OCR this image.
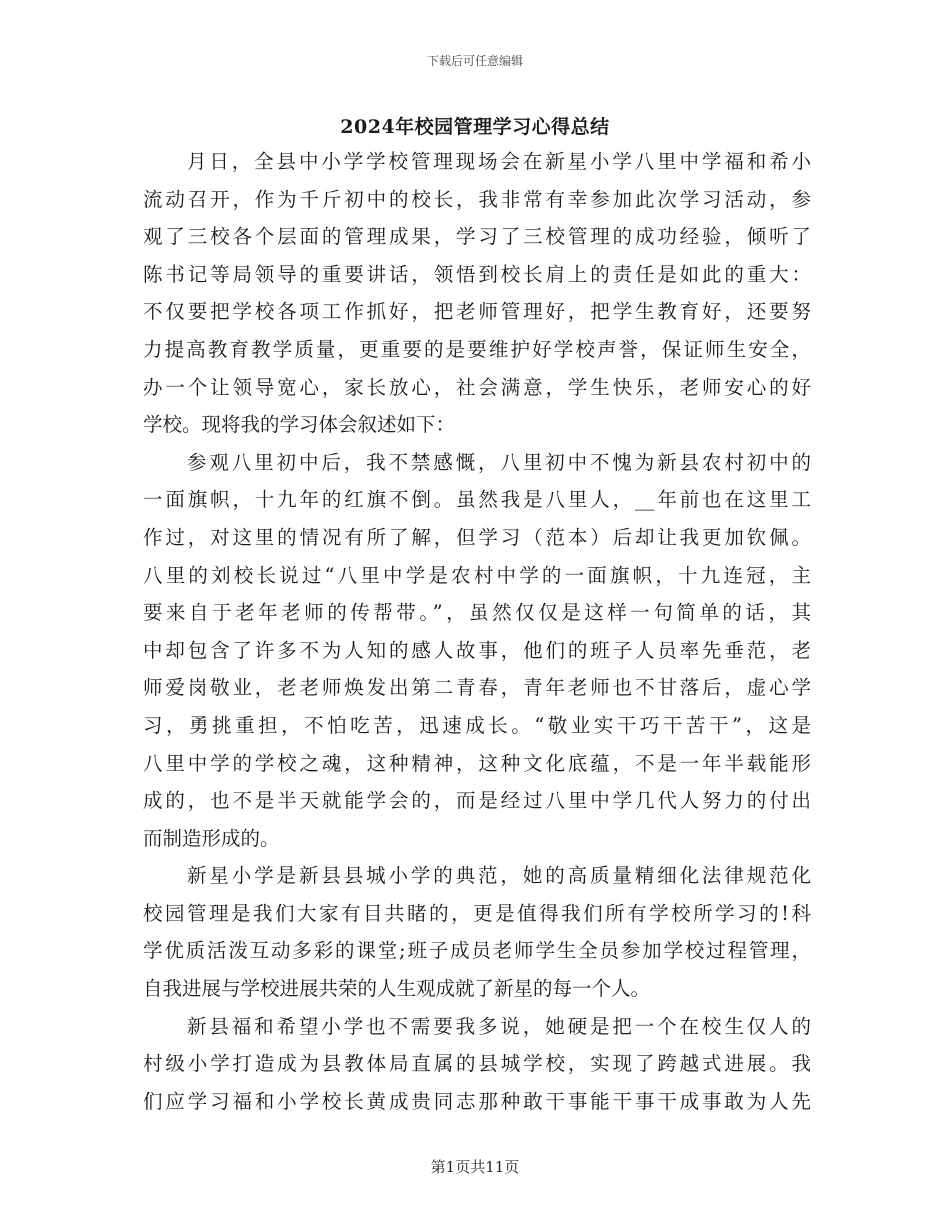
下载后可任意编辑
2024年校园管理学习心得总结
月日，全县中小学学校管理现场会在新星小学八里中学福和希小
流动召开，作为千斤初中的校长，我非常有幸参加此次学习活动，参
观了三校各个层面的管理成果，学习了三校管理的成功经验，倾听了
陈书记等局领导的重要讲话，领悟到校长肩上的责任是如此的重大：
不仅要把学校各项工作抓好，把老师管理好，把学生教育好，还要努
力提高教育教学质量，更重要的是要维护好学校声誉，保证师生安全，
办一个让领导宽心，家长放心，社会满意，学生快乐，老师安心的好
学校。现将我的学习体会叙述如下：
参观八里初中后，我不禁感慨，八里初中不愧为新县农村初中的
一面旗帜，十九年的红旗不倒。虽然我是八里人，__年前也在这里工
作过，对这里的情况有所了解，但学习（范本）后却让我更加钦佩。
八里的刘校长说过“八里中学是农村中学的一面旗帜，十九连冠，主
要来自于老年老师的传帮带。”，虽然仅仅是这样一句简单的话，其
中却包含了许多不为人知的感人故事，他们的班子人员率先垂范，老
师爱岗敬业，老老师焕发出第二青春，青年老师也不甘落后，虚心学
习，勇挑重担，不怕吃苦，迅速成长。“敬业实干巧干苦干”，这是
八里中学的学校之魂，这种精神，这种文化底蕴，不是一年半载能形
成的，也不是半天就能学会的，而是经过八里中学几代人努力的付出
而制造形成的。
新星小学是新县县城小学的典范，她的高质量精细化法律规范化
校园管理是我们大家有目共睹的，更是值得我们所有学校所学习的!科
学优质活泼互动多彩的课堂;班子成员老师学生全员参加学校过程管理，
自我进展与学校进展共荣的人生观成就了新星的每一个人。
新县福和希望小学也不需要我多说，她硬是把一个在校生仅人的
村级小学打造成为县教体局直属的县城学校，实现了跨越式进展。我
们应学习福和小学校长黄成贵同志那种敢干事能干事干成事敢为人先
第1页共11页
